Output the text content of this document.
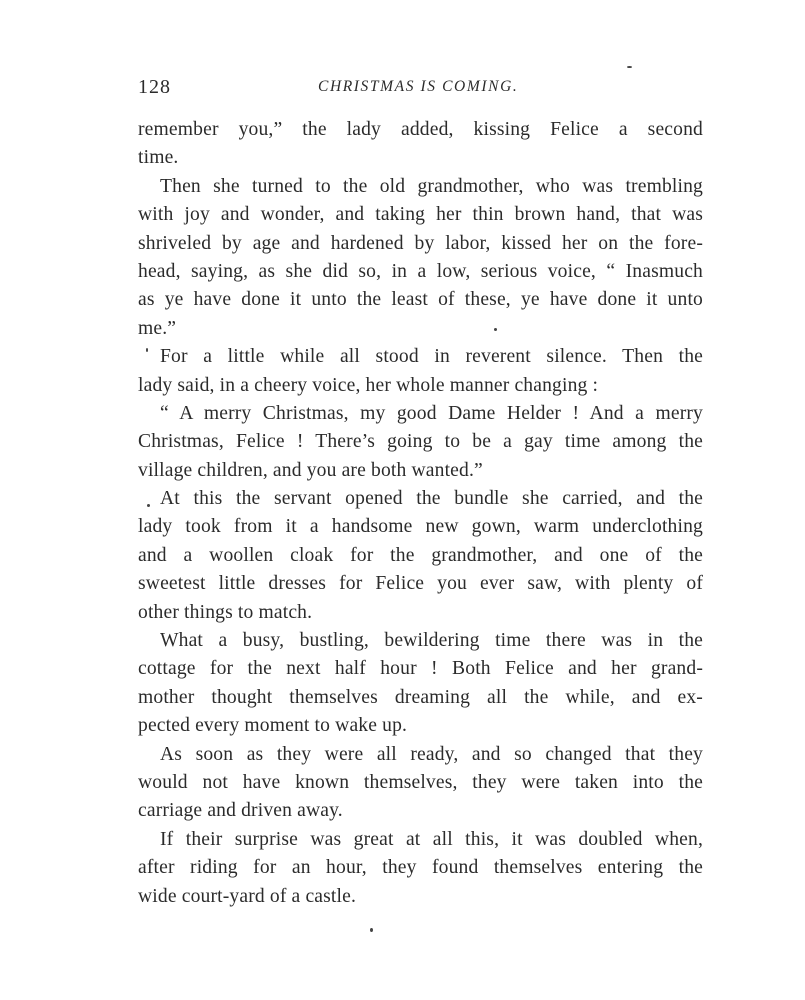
128	CHRISTMAS IS COMING.
remember you,” the lady added, kissing Felice a second
time.
Then she turned to the old grandmother, who was trembling
with joy and wonder, and taking her thin brown hand, that was
shriveled by age and hardened by labor, kissed her on the fore-
head, saying, as she did so, in a low, serious voice, “ Inasmuch
as ye have done it unto the least of these, ye have done it unto
me.”
For a little while all stood in reverent silence. Then the
lady said, in a cheery voice, her whole manner changing :
“ A merry Christmas, my good Dame Helder ! And a merry
Christmas, Felice ! There’s going to be a gay time among the
village children, and you are both wanted.”
At this the servant opened the bundle she carried, and the
lady took from it a handsome new gown, warm underclothing
and a woollen cloak for the grandmother, and one of the
sweetest little dresses for Felice you ever saw, with plenty of
other things to match.
What a busy, bustling, bewildering time there was in the
cottage for the next half hour ! Both Felice and her grand-
mother thought themselves dreaming all the while, and ex-
pected every moment to wake up.
As soon as they were all ready, and so changed that they
would not have known themselves, they were taken into the
carriage and driven away.
If their surprise was great at all this, it was doubled when,
after riding for an hour, they found themselves entering the
wide court-yard of a castle.
